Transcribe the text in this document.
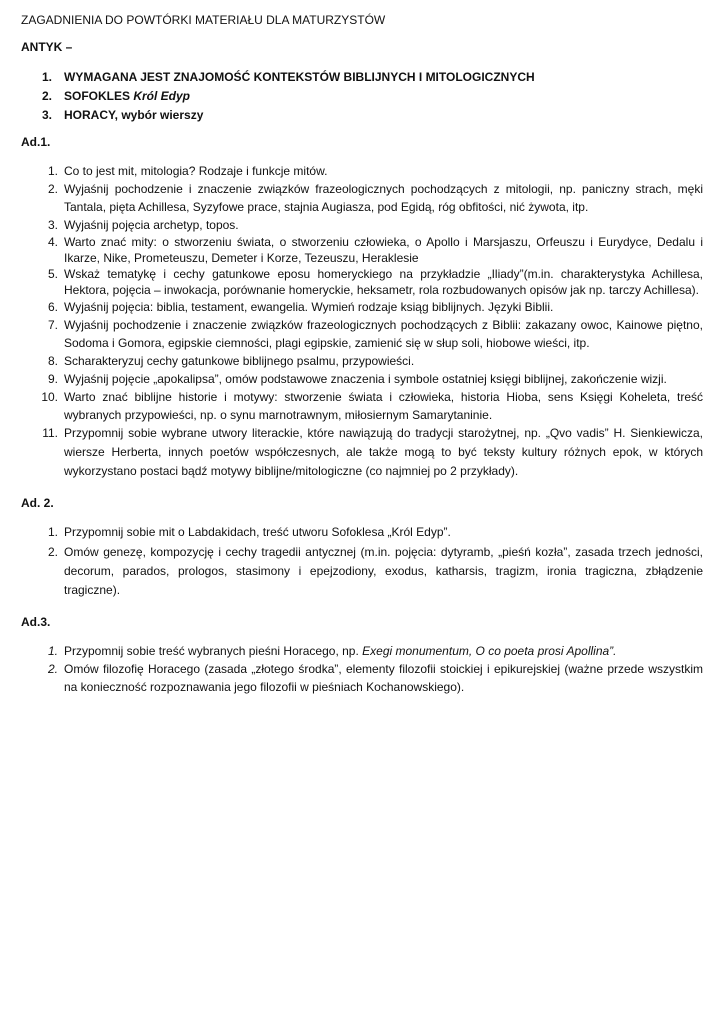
ZAGADNIENIA DO POWTÓRKI MATERIAŁU DLA MATURZYSTÓW
ANTYK –
1. WYMAGANA JEST ZNAJOMOŚĆ KONTEKSTÓW BIBLIJNYCH I MITOLOGICZNYCH
2. SOFOKLES Król Edyp
3. HORACY, wybór wierszy
Ad.1.
1. Co to jest mit, mitologia? Rodzaje i funkcje mitów.
2. Wyjaśnij pochodzenie i znaczenie związków frazeologicznych pochodzących z mitologii, np. paniczny strach, męki Tantala, pięta Achillesa, Syzyfowe prace, stajnia Augiasza, pod Egidą, róg obfitości, nić żywota, itp.
3. Wyjaśnij pojęcia archetyp, topos.
4. Warto znać mity: o stworzeniu świata, o stworzeniu człowieka, o Apollo i Marsjaszu, Orfeuszu i Eurydyce, Dedalu i Ikarze, Nike, Prometeuszu, Demeter i Korze, Tezeuszu, Heraklesie
5. Wskaż tematykę i cechy gatunkowe eposu homeryckiego na przykładzie „Iliady”(m.in. charakterystyka Achillesa, Hektora, pojęcia – inwokacja, porównanie homeryckie, heksametr, rola rozbudowanych opisów jak np. tarczy Achillesa).
6. Wyjaśnij pojęcia: biblia, testament, ewangelia. Wymień rodzaje ksiąg biblijnych. Języki Biblii.
7. Wyjaśnij pochodzenie i znaczenie związków frazeologicznych pochodzących z Biblii: zakazany owoc, Kainowe piętno, Sodoma i Gomora, egipskie ciemności, plagi egipskie, zamienić się w słup soli, hiobowe wieści, itp.
8. Scharakteryzuj cechy gatunkowe biblijnego psalmu, przypowieści.
9. Wyjaśnij pojęcie „apokalipsa”, omów podstawowe znaczenia i symbole ostatniej księgi biblijnej, zakończenie wizji.
10. Warto znać biblijne historie i motywy: stworzenie świata i człowieka, historia Hioba, sens Księgi Koheleta, treść wybranych przypowieści, np. o synu marnotrawnym, miłosiernym Samarytaninie.
11. Przypomnij sobie wybrane utwory literackie, które nawiązują do tradycji starożytnej, np. „Qvo vadis” H. Sienkiewicza, wiersze Herberta, innych poetów współczesnych, ale także mogą to być teksty kultury różnych epok, w których wykorzystano postaci bądź motywy biblijne/mitologiczne (co najmniej po 2 przykłady).
Ad. 2.
1. Przypomnij sobie mit o Labdakidach, treść utworu Sofoklesa „Król Edyp”.
2. Omów genezę, kompozycję i cechy tragedii antycznej (m.in. pojęcia: dytyramb, „pieśń kozła”, zasada trzech jedności, decorum, parados, prologos, stasimony i epejzodiony, exodus, katharsis, tragizm, ironia tragiczna, zbłądzenie tragiczne).
Ad.3.
1. Przypomnij sobie treść wybranych pieśni Horacego, np. Exegi monumentum, O co poeta prosi Apollina”.
2. Omów filozofię Horacego (zasada „złotego środka”, elementy filozofii stoickiej i epikurejskiej (ważne przede wszystkim na konieczność rozpoznawania jego filozofii w pieśniach Kochanowskiego).
